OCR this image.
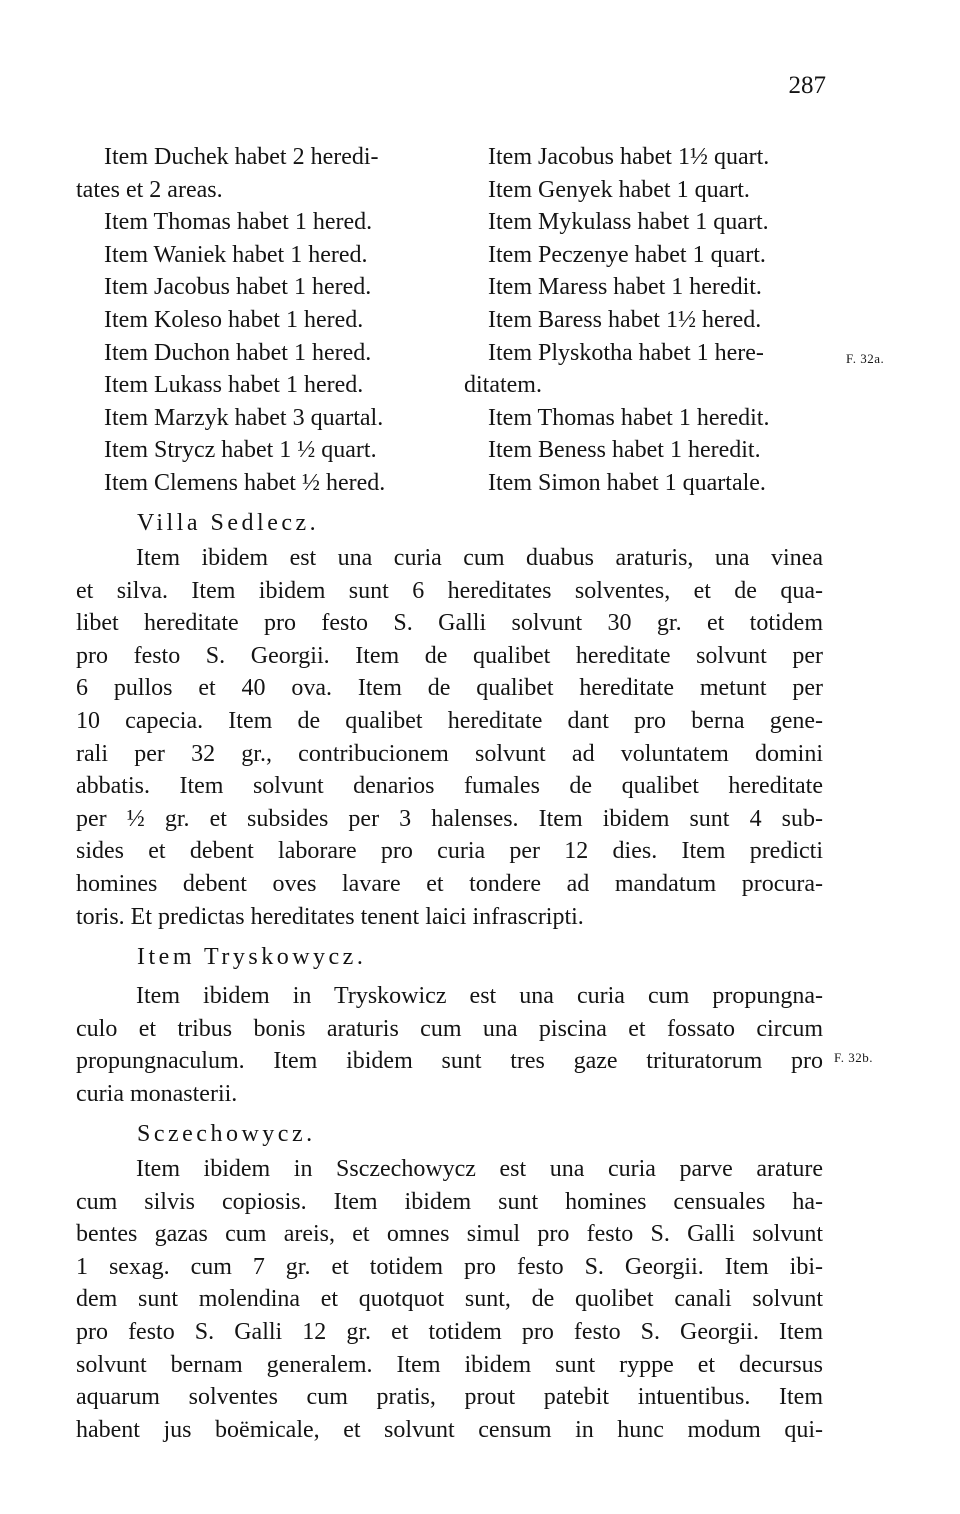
287
Item Duchek habet 2 heredi-
tates et 2 areas.
Item Thomas habet 1 hered.
Item Waniek habet 1 hered.
Item Jacobus habet 1 hered.
Item Koleso habet 1 hered.
Item Duchon habet 1 hered.
Item Lukass habet 1 hered.
Item Marzyk habet 3 quartal.
Item Strycz habet 1 ½ quart.
Item Clemens habet ½ hered.
Item Jacobus habet 1½ quart.
Item Genyek habet 1 quart.
Item Mykulass habet 1 quart.
Item Peczenye habet 1 quart.
Item Maress habet 1 heredit.
Item Baress habet 1½ hered.
Item Plyskotha habet 1 here-
ditatem.
Item Thomas habet 1 heredit.
Item Beness habet 1 heredit.
Item Simon habet 1 quartale.
F. 32a.
F. 32b.
Villa Sedlecz.
Item ibidem est una curia cum duabus araturis, una vinea
et silva. Item ibidem sunt 6 hereditates solventes, et de qua-
libet hereditate pro festo S. Galli solvunt 30 gr. et totidem
pro festo S. Georgii. Item de qualibet hereditate solvunt per
6 pullos et 40 ova. Item de qualibet hereditate metunt per
10 capecia. Item de qualibet hereditate dant pro berna gene-
rali per 32 gr., contribucionem solvunt ad voluntatem domini
abbatis. Item solvunt denarios fumales de qualibet hereditate
per ½ gr. et subsides per 3 halenses. Item ibidem sunt 4 sub-
sides et debent laborare pro curia per 12 dies. Item predicti
homines debent oves lavare et tondere ad mandatum procura-
toris. Et predictas hereditates tenent laici infrascripti.
Item Tryskowycz.
Item ibidem in Tryskowicz est una curia cum propungna-
culo et tribus bonis araturis cum una piscina et fossato circum
propungnaculum. Item ibidem sunt tres gaze trituratorum pro
curia monasterii.
Sczechowycz.
Item ibidem in Ssczechowycz est una curia parve arature
cum silvis copiosis. Item ibidem sunt homines censuales ha-
bentes gazas cum areis, et omnes simul pro festo S. Galli solvunt
1 sexag. cum 7 gr. et totidem pro festo S. Georgii. Item ibi-
dem sunt molendina et quotquot sunt, de quolibet canali solvunt
pro festo S. Galli 12 gr. et totidem pro festo S. Georgii. Item
solvunt bernam generalem. Item ibidem sunt ryppe et decursus
aquarum solventes cum pratis, prout patebit intuentibus. Item
habent jus boëmicale, et solvunt censum in hunc modum qui-
